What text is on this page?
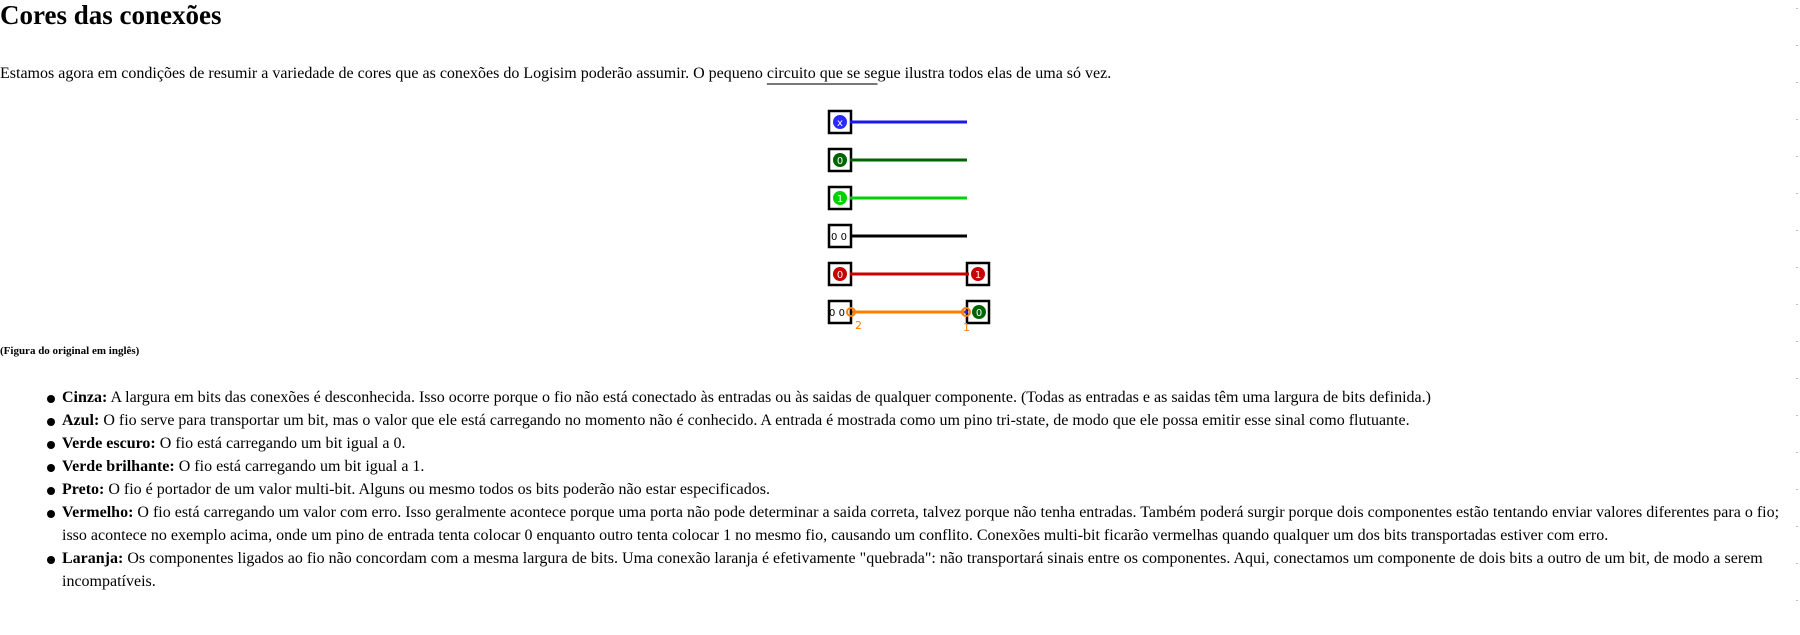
Cores das conexões

Estamos agora em condições de resumir a variedade de cores que as conexões do Logisim poderão assumir. O pequeno circuito que se segue ilustra todos elas de uma só vez.

x
0
1
0 0
0	1
0 0	0
2	1

(Figura do original em inglês)

Cinza: A largura em bits das conexões é desconhecida. Isso ocorre porque o fio não está conectado às entradas ou às saidas de qualquer componente. (Todas as entradas e as saidas têm uma largura de bits definida.)
Azul: O fio serve para transportar um bit, mas o valor que ele está carregando no momento não é conhecido. A entrada é mostrada como um pino tri-state, de modo que ele possa emitir esse sinal como flutuante.
Verde escuro: O fio está carregando um bit igual a 0.
Verde brilhante: O fio está carregando um bit igual a 1.
Preto: O fio é portador de um valor multi-bit. Alguns ou mesmo todos os bits poderão não estar especificados.
Vermelho: O fio está carregando um valor com erro. Isso geralmente acontece porque uma porta não pode determinar a saida correta, talvez porque não tenha entradas. Também poderá surgir porque dois componentes estão tentando enviar valores diferentes para o fio; isso acontece no exemplo acima, onde um pino de entrada tenta colocar 0 enquanto outro tenta colocar 1 no mesmo fio, causando um conflito. Conexões multi-bit ficarão vermelhas quando qualquer um dos bits transportadas estiver com erro.
Laranja: Os componentes ligados ao fio não concordam com a mesma largura de bits. Uma conexão laranja é efetivamente "quebrada": não transportará sinais entre os componentes. Aqui, conectamos um componente de dois bits a outro de um bit, de modo a serem incompatíveis.
